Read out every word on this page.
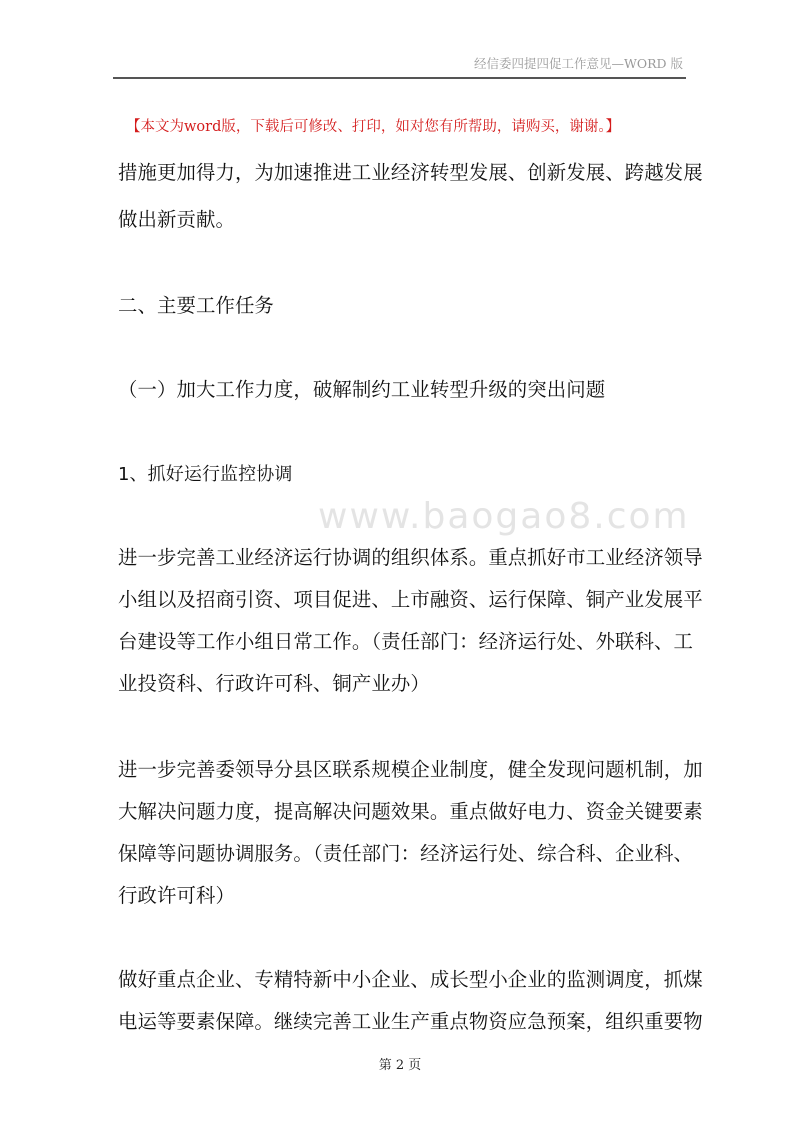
经信委四提四促工作意见—WORD 版
【本文为word版，下载后可修改、打印，如对您有所帮助，请购买，谢谢。】
www.baogao8.com
措施更加得力，为加速推进工业经济转型发展、创新发展、跨越发展
做出新贡献。
二、主要工作任务
（一）加大工作力度，破解制约工业转型升级的突出问题
1、抓好运行监控协调
进一步完善工业经济运行协调的组织体系。重点抓好市工业经济领导
小组以及招商引资、项目促进、上市融资、运行保障、铜产业发展平
台建设等工作小组日常工作。（责任部门：经济运行处、外联科、工
业投资科、行政许可科、铜产业办）
进一步完善委领导分县区联系规模企业制度，健全发现问题机制，加
大解决问题力度，提高解决问题效果。重点做好电力、资金关键要素
保障等问题协调服务。（责任部门：经济运行处、综合科、企业科、
行政许可科）
做好重点企业、专精特新中小企业、成长型小企业的监测调度，抓煤
电运等要素保障。继续完善工业生产重点物资应急预案，组织重要物
第 2 页
